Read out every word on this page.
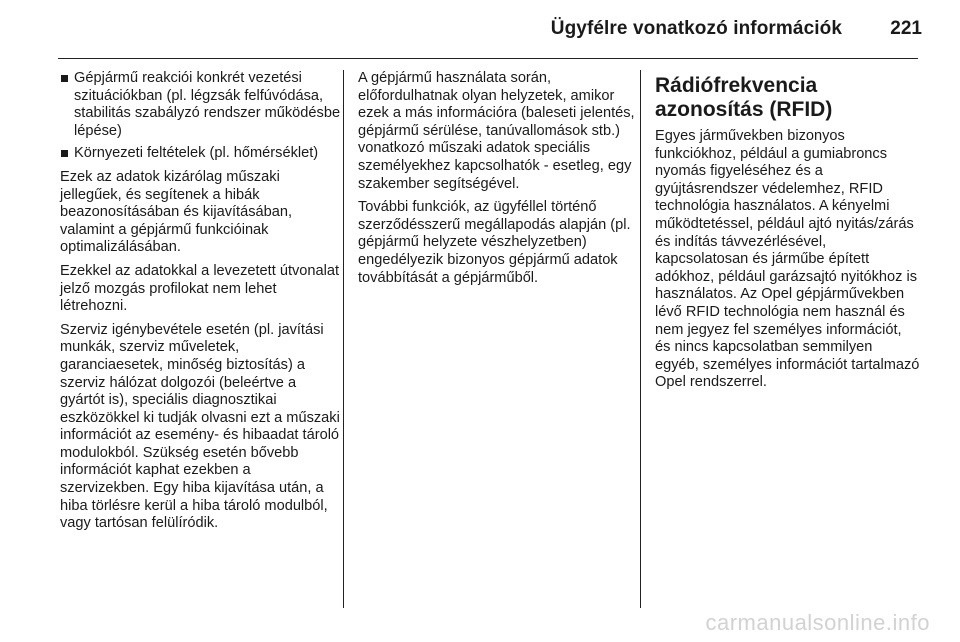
Ügyfélre vonatkozó információk	221
Gépjármű reakciói konkrét vezetési szituációkban (pl. légzsák felfúvódása, stabilitás szabályzó rendszer működésbe lépése)
Környezeti feltételek (pl. hőmérséklet)

Ezek az adatok kizárólag műszaki jellegűek, és segítenek a hibák beazonosításában és kijavításában, valamint a gépjármű funkcióinak optimalizálásában.

Ezekkel az adatokkal a levezetett útvonalat jelző mozgás profilokat nem lehet létrehozni.

Szerviz igénybevétele esetén (pl. javítási munkák, szerviz műveletek, garanciaesetek, minőség biztosítás) a szerviz hálózat dolgozói (beleértve a gyártót is), speciális diagnosztikai eszközökkel ki tudják olvasni ezt a műszaki információt az esemény- és hibaadat tároló modulokból. Szükség esetén bővebb információt kaphat ezekben a szervizekben. Egy hiba kijavítása után, a hiba törlésre kerül a hiba tároló modulból, vagy tartósan felülíródik.

A gépjármű használata során, előfordulhatnak olyan helyzetek, amikor ezek a más információra (baleseti jelentés, gépjármű sérülése, tanúvallomások stb.) vonatkozó műszaki adatok speciális személyekhez kapcsolhatók - esetleg, egy szakember segítségével.

További funkciók, az ügyféllel történő szerződésszerű megállapodás alapján (pl. gépjármű helyzete vészhelyzetben) engedélyezik bizonyos gépjármű adatok továbbítását a gépjárműből.

Rádiófrekvencia azonosítás (RFID)

Egyes járművekben bizonyos funkciókhoz, például a gumiabroncs nyomás figyeléséhez és a gyújtásrendszer védelemhez, RFID technológia használatos. A kényelmi működtetéssel, például ajtó nyitás/zárás és indítás távvezérlésével, kapcsolatosan és járműbe épített adókhoz, például garázsajtó nyitókhoz is használatos. Az Opel gépjárművekben lévő RFID technológia nem használ és nem jegyez fel személyes információt, és nincs kapcsolatban semmilyen egyéb, személyes információt tartalmazó Opel rendszerrel.

carmanualsonline.info
